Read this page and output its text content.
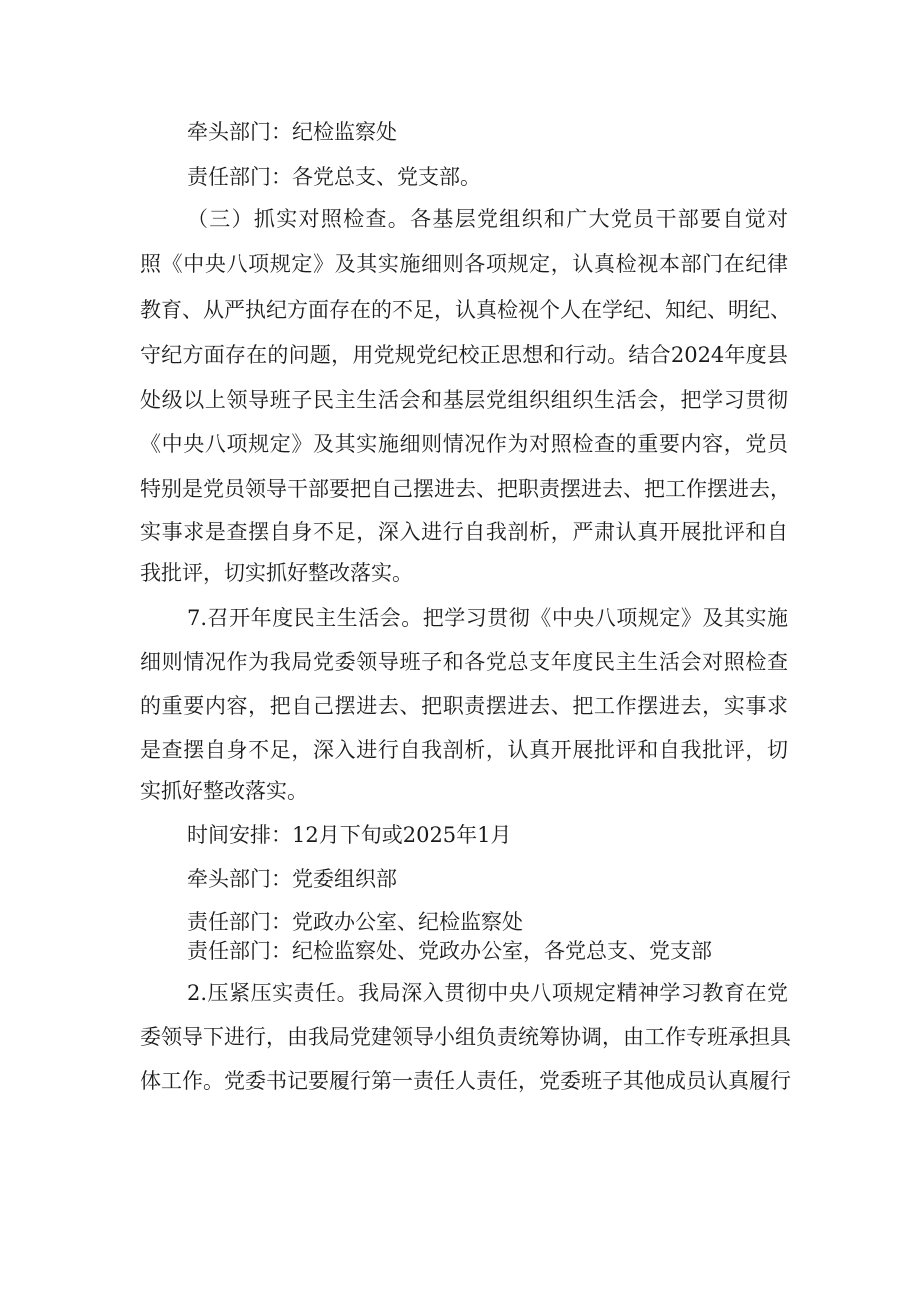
牵头部门：纪检监察处
责任部门：各党总支、党支部。
（三）抓实对照检查。各基层党组织和广大党员干部要自觉对
照《中央八项规定》及其实施细则各项规定，认真检视本部门在纪律
教育、从严执纪方面存在的不足，认真检视个人在学纪、知纪、明纪、
守纪方面存在的问题，用党规党纪校正思想和行动。结合2024年度县
处级以上领导班子民主生活会和基层党组织组织生活会，把学习贯彻
《中央八项规定》及其实施细则情况作为对照检查的重要内容，党员
特别是党员领导干部要把自己摆进去、把职责摆进去、把工作摆进去，
实事求是查摆自身不足，深入进行自我剖析，严肃认真开展批评和自
我批评，切实抓好整改落实。
7.召开年度民主生活会。把学习贯彻《中央八项规定》及其实施
细则情况作为我局党委领导班子和各党总支年度民主生活会对照检查
的重要内容，把自己摆进去、把职责摆进去、把工作摆进去，实事求
是查摆自身不足，深入进行自我剖析，认真开展批评和自我批评，切
实抓好整改落实。
时间安排：12月下旬或2025年1月
牵头部门：党委组织部
责任部门：党政办公室、纪检监察处
责任部门：纪检监察处、党政办公室，各党总支、党支部
2.压紧压实责任。我局深入贯彻中央八项规定精神学习教育在党
委领导下进行，由我局党建领导小组负责统筹协调，由工作专班承担具
体工作。党委书记要履行第一责任人责任，党委班子其他成员认真履行
